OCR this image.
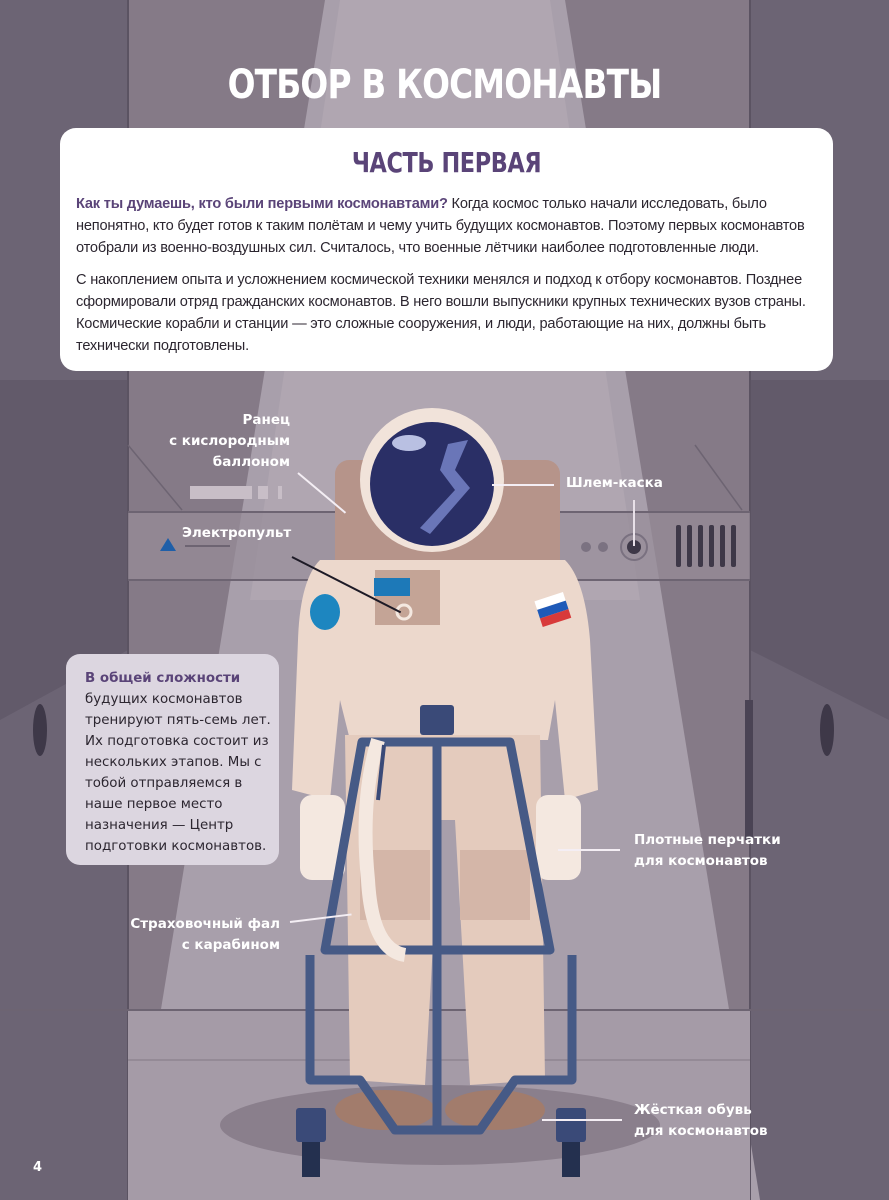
ОТБОР В КОСМОНАВТЫ
ЧАСТЬ ПЕРВАЯ

Как ты думаешь, кто были первыми космонавтами? Когда космос только начали исследовать, было непонятно, кто будет готов к таким полётам и чему учить будущих космонавтов. Поэтому первых космонавтов отобрали из военно-воздушных сил. Считалось, что военные лётчики наиболее подготовленные люди.

С накоплением опыта и усложнением космической техники менялся и подход к отбору космонавтов. Позднее сформировали отряд гражданских космонавтов. В него вошли выпускники крупных технических вузов страны. Космические корабли и станции — это сложные сооружения, и люди, работающие на них, должны быть технически подготовлены.

Ранец
с кислородным
баллоном
Шлем-каска
Электропульт
Плотные перчатки
для космонавтов
Страховочный фал
с карабином
Жёсткая обувь
для космонавтов
В общей сложности будущих космонавтов тренируют пять-семь лет. Их подготовка состоит из нескольких этапов. Мы с тобой отправляемся в наше первое место назначения — Центр подготовки космонавтов.
4
